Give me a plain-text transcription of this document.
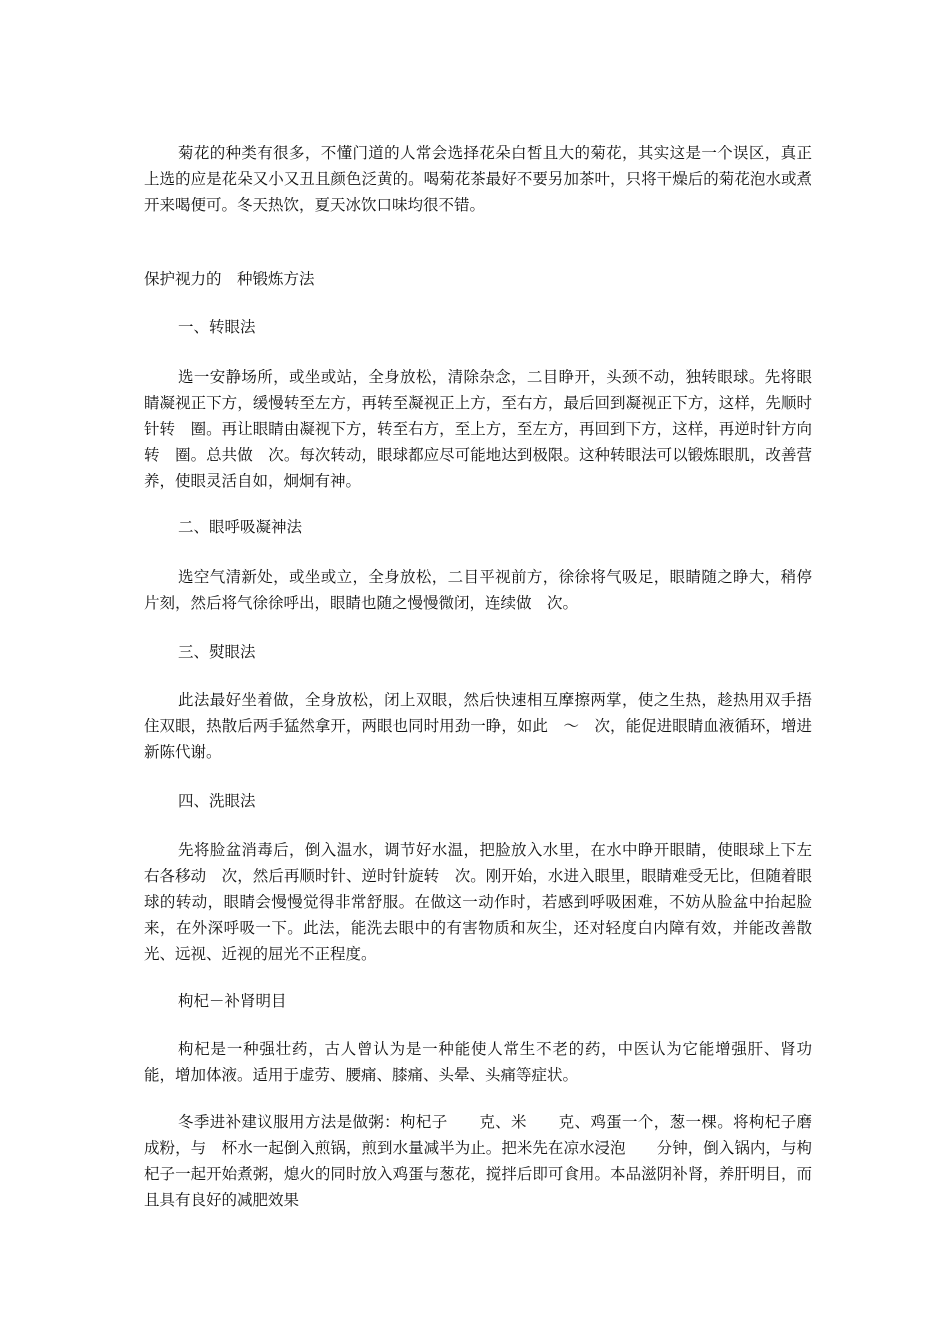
菊花的种类有很多，不懂门道的人常会选择花朵白皙且大的菊花，其实这是一个误区，真正上选的应是花朵又小又丑且颜色泛黄的。喝菊花茶最好不要另加茶叶，只将干燥后的菊花泡水或煮开来喝便可。冬天热饮，夏天冰饮口味均很不错。

保护视力的　种锻炼方法

一、转眼法

选一安静场所，或坐或站，全身放松，清除杂念，二目睁开，头颈不动，独转眼球。先将眼睛凝视正下方，缓慢转至左方，再转至凝视正上方，至右方，最后回到凝视正下方，这样，先顺时针转　圈。再让眼睛由凝视下方，转至右方，至上方，至左方，再回到下方，这样，再逆时针方向转　圈。总共做　次。每次转动，眼球都应尽可能地达到极限。这种转眼法可以锻炼眼肌，改善营养，使眼灵活自如，炯炯有神。

二、眼呼吸凝神法

选空气清新处，或坐或立，全身放松，二目平视前方，徐徐将气吸足，眼睛随之睁大，稍停片刻，然后将气徐徐呼出，眼睛也随之慢慢微闭，连续做　次。

三、熨眼法

此法最好坐着做，全身放松，闭上双眼，然后快速相互摩擦两掌，使之生热，趁热用双手捂住双眼，热散后两手猛然拿开，两眼也同时用劲一睁，如此　～　次，能促进眼睛血液循环，增进新陈代谢。

四、洗眼法

先将脸盆消毒后，倒入温水，调节好水温，把脸放入水里，在水中睁开眼睛，使眼球上下左右各移动　次，然后再顺时针、逆时针旋转　次。刚开始，水进入眼里，眼睛难受无比，但随着眼球的转动，眼睛会慢慢觉得非常舒服。在做这一动作时，若感到呼吸困难，不妨从脸盆中抬起脸来，在外深呼吸一下。此法，能洗去眼中的有害物质和灰尘，还对轻度白内障有效，并能改善散光、远视、近视的屈光不正程度。

枸杞－补肾明目

枸杞是一种强壮药，古人曾认为是一种能使人常生不老的药，中医认为它能增强肝、肾功能，增加体液。适用于虚劳、腰痛、膝痛、头晕、头痛等症状。

冬季进补建议服用方法是做粥：枸杞子　　克、米　　克、鸡蛋一个，葱一棵。将枸杞子磨成粉，与　杯水一起倒入煎锅，煎到水量减半为止。把米先在凉水浸泡　　分钟，倒入锅内，与枸杞子一起开始煮粥，熄火的同时放入鸡蛋与葱花，搅拌后即可食用。本品滋阴补肾，养肝明目，而且具有良好的减肥效果
